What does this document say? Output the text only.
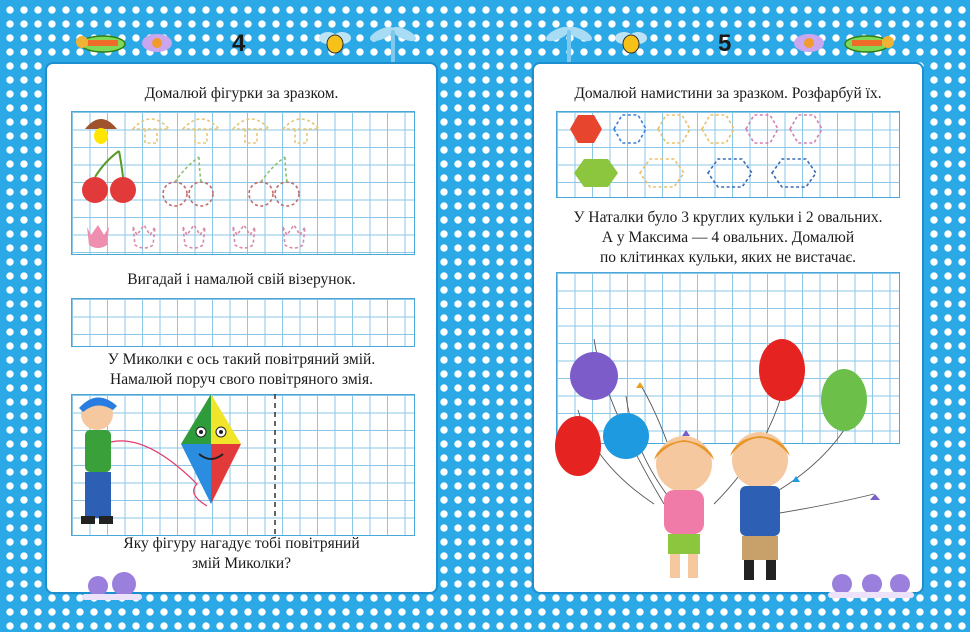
4	5
Домалюй фігурки за зразком.
Вигадай і намалюй свій візерунок.
У Миколки є ось такий повітряний змій.
Намалюй поруч свого повітряного змія.
Яку фігуру нагадує тобі повітряний
змій Миколки?
Домалюй намистини за зразком. Розфарбуй їх.
У Наталки було 3 круглих кульки і 2 овальних.
А у Максима — 4 овальних. Домалюй
по клітинках кульки, яких не вистачає.
